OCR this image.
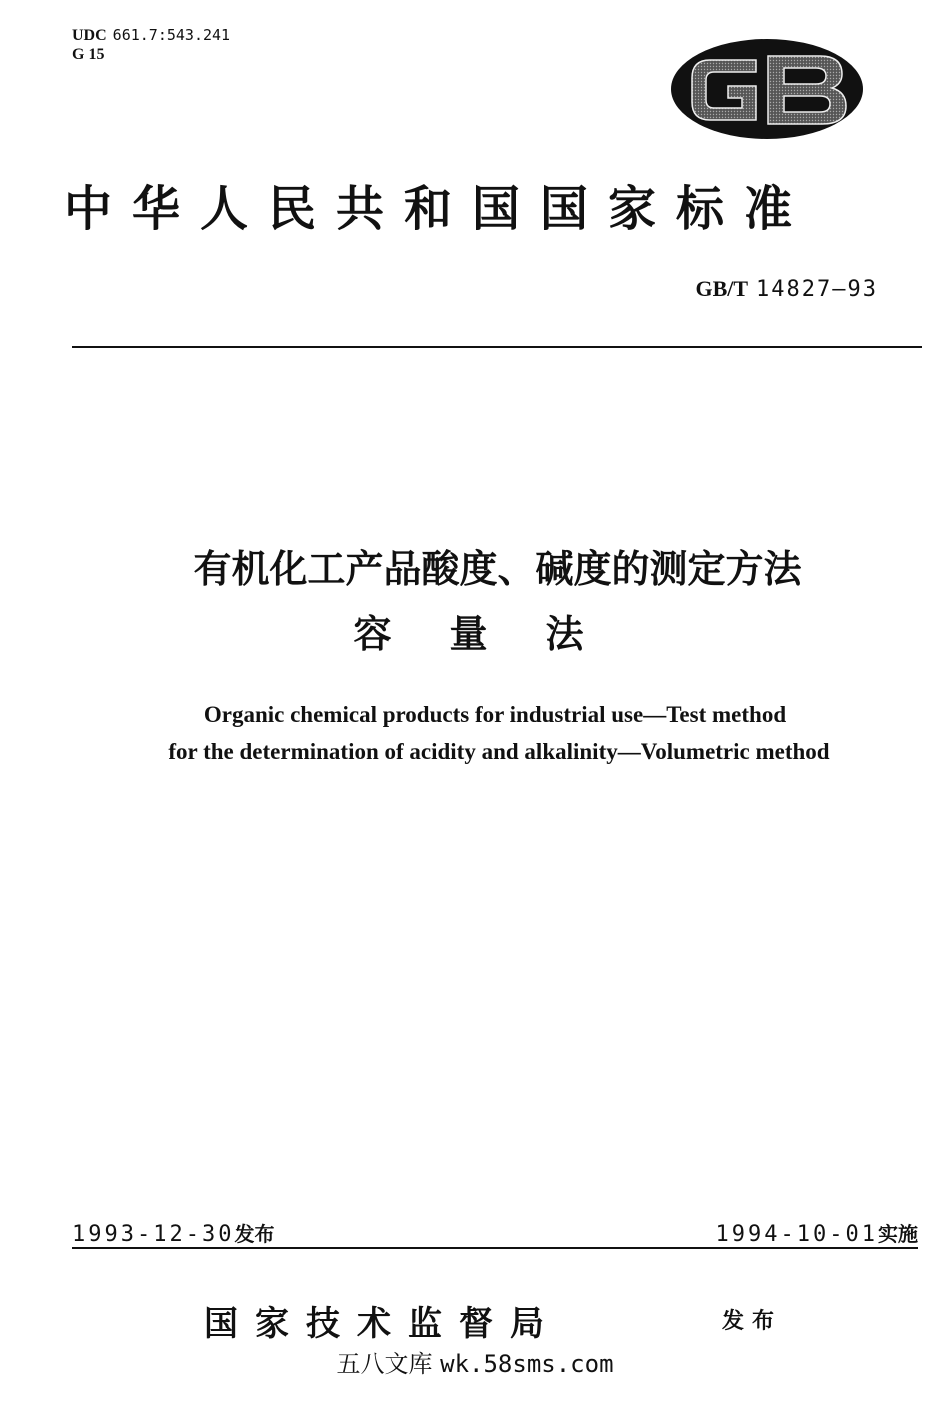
UDC 661.7:543.241
G 15
中华人民共和国国家标准
GB/T 14827—93
有机化工产品酸度、碱度的测定方法
容量法
Organic chemical products for industrial use—Test method
for the determination of acidity and alkalinity—Volumetric method
1993-12-30发布	1994-10-01实施
国家技术监督局	发布
五八文库 wk.58sms.com
